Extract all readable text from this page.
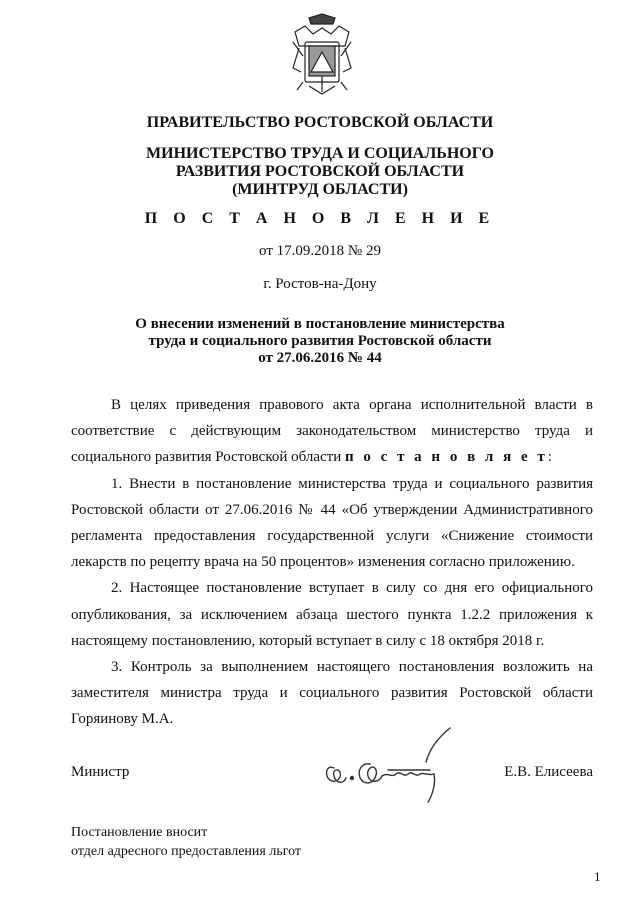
ПРАВИТЕЛЬСТВО РОСТОВСКОЙ ОБЛАСТИ
МИНИСТЕРСТВО ТРУДА И СОЦИАЛЬНОГО
РАЗВИТИЯ РОСТОВСКОЙ ОБЛАСТИ
(МИНТРУД ОБЛАСТИ)
П О С Т А Н О В Л Е Н И Е
от 17.09.2018 № 29
г. Ростов-на-Дону
О внесении изменений в постановление министерства
труда и социального развития Ростовской области
от 27.06.2016 № 44

В целях приведения правового акта органа исполнительной власти в соответствие с действующим законодательством министерство труда и социального развития Ростовской области п о с т а н о в л я е т:

1. Внести в постановление министерства труда и социального развития Ростовской области от 27.06.2016 № 44 «Об утверждении Административного регламента предоставления государственной услуги «Снижение стоимости лекарств по рецепту врача на 50 процентов» изменения согласно приложению.

2. Настоящее постановление вступает в силу со дня его официального опубликования, за исключением абзаца шестого пункта 1.2.2 приложения к настоящему постановлению, который вступает в силу с 18 октября 2018 г.

3. Контроль за выполнением настоящего постановления возложить на заместителя министра труда и социального развития Ростовской области Горяинову М.А.

Министр	Е.В. Елисеева
Постановление вносит
отдел адресного предоставления льгот
1
